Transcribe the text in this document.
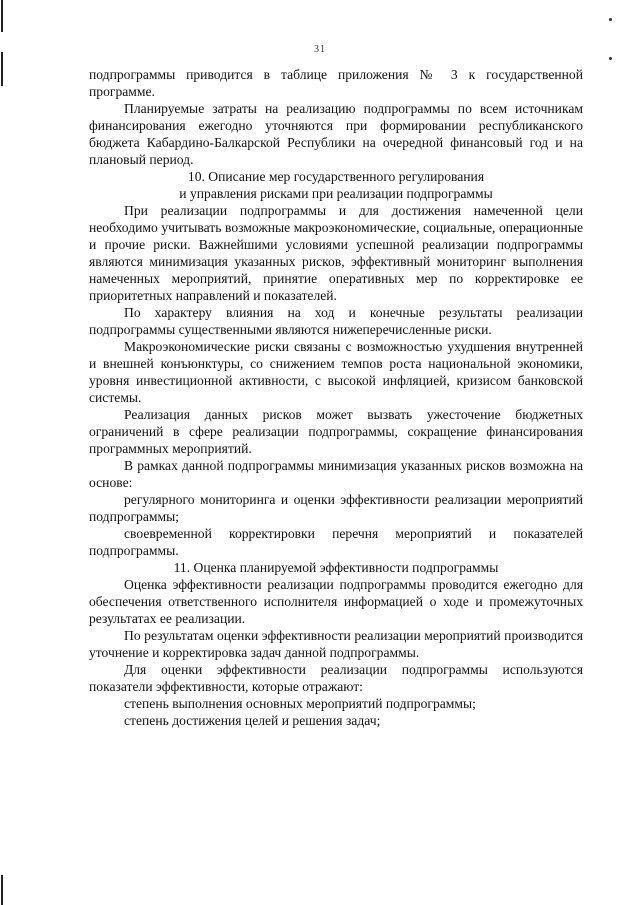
31

подпрограммы приводится в таблице приложения № 3 к государственной программе.

Планируемые затраты на реализацию подпрограммы по всем источникам финансирования ежегодно уточняются при формировании республиканского бюджета Кабардино-Балкарской Республики на очередной финансовый год и на плановый период.

10. Описание мер государственного регулирования
и управления рисками при реализации подпрограммы

При реализации подпрограммы и для достижения намеченной цели необходимо учитывать возможные макроэкономические, социальные, операционные и прочие риски. Важнейшими условиями успешной реализации подпрограммы являются минимизация указанных рисков, эффективный мониторинг выполнения намеченных мероприятий, принятие оперативных мер по корректировке ее приоритетных направлений и показателей.

По характеру влияния на ход и конечные результаты реализации подпрограммы существенными являются нижеперечисленные риски.

Макроэкономические риски связаны с возможностью ухудшения внутренней и внешней конъюнктуры, со снижением темпов роста национальной экономики, уровня инвестиционной активности, с высокой инфляцией, кризисом банковской системы.

Реализация данных рисков может вызвать ужесточение бюджетных ограничений в сфере реализации подпрограммы, сокращение финансирования программных мероприятий.

В рамках данной подпрограммы минимизация указанных рисков возможна на основе:

регулярного мониторинга и оценки эффективности реализации мероприятий подпрограммы;

своевременной корректировки перечня мероприятий и показателей подпрограммы.

11. Оценка планируемой эффективности подпрограммы

Оценка эффективности реализации подпрограммы проводится ежегодно для обеспечения ответственного исполнителя информацией о ходе и промежуточных результатах ее реализации.

По результатам оценки эффективности реализации мероприятий производится уточнение и корректировка задач данной подпрограммы.

Для оценки эффективности реализации подпрограммы используются показатели эффективности, которые отражают:

степень выполнения основных мероприятий подпрограммы;

степень достижения целей и решения задач;
